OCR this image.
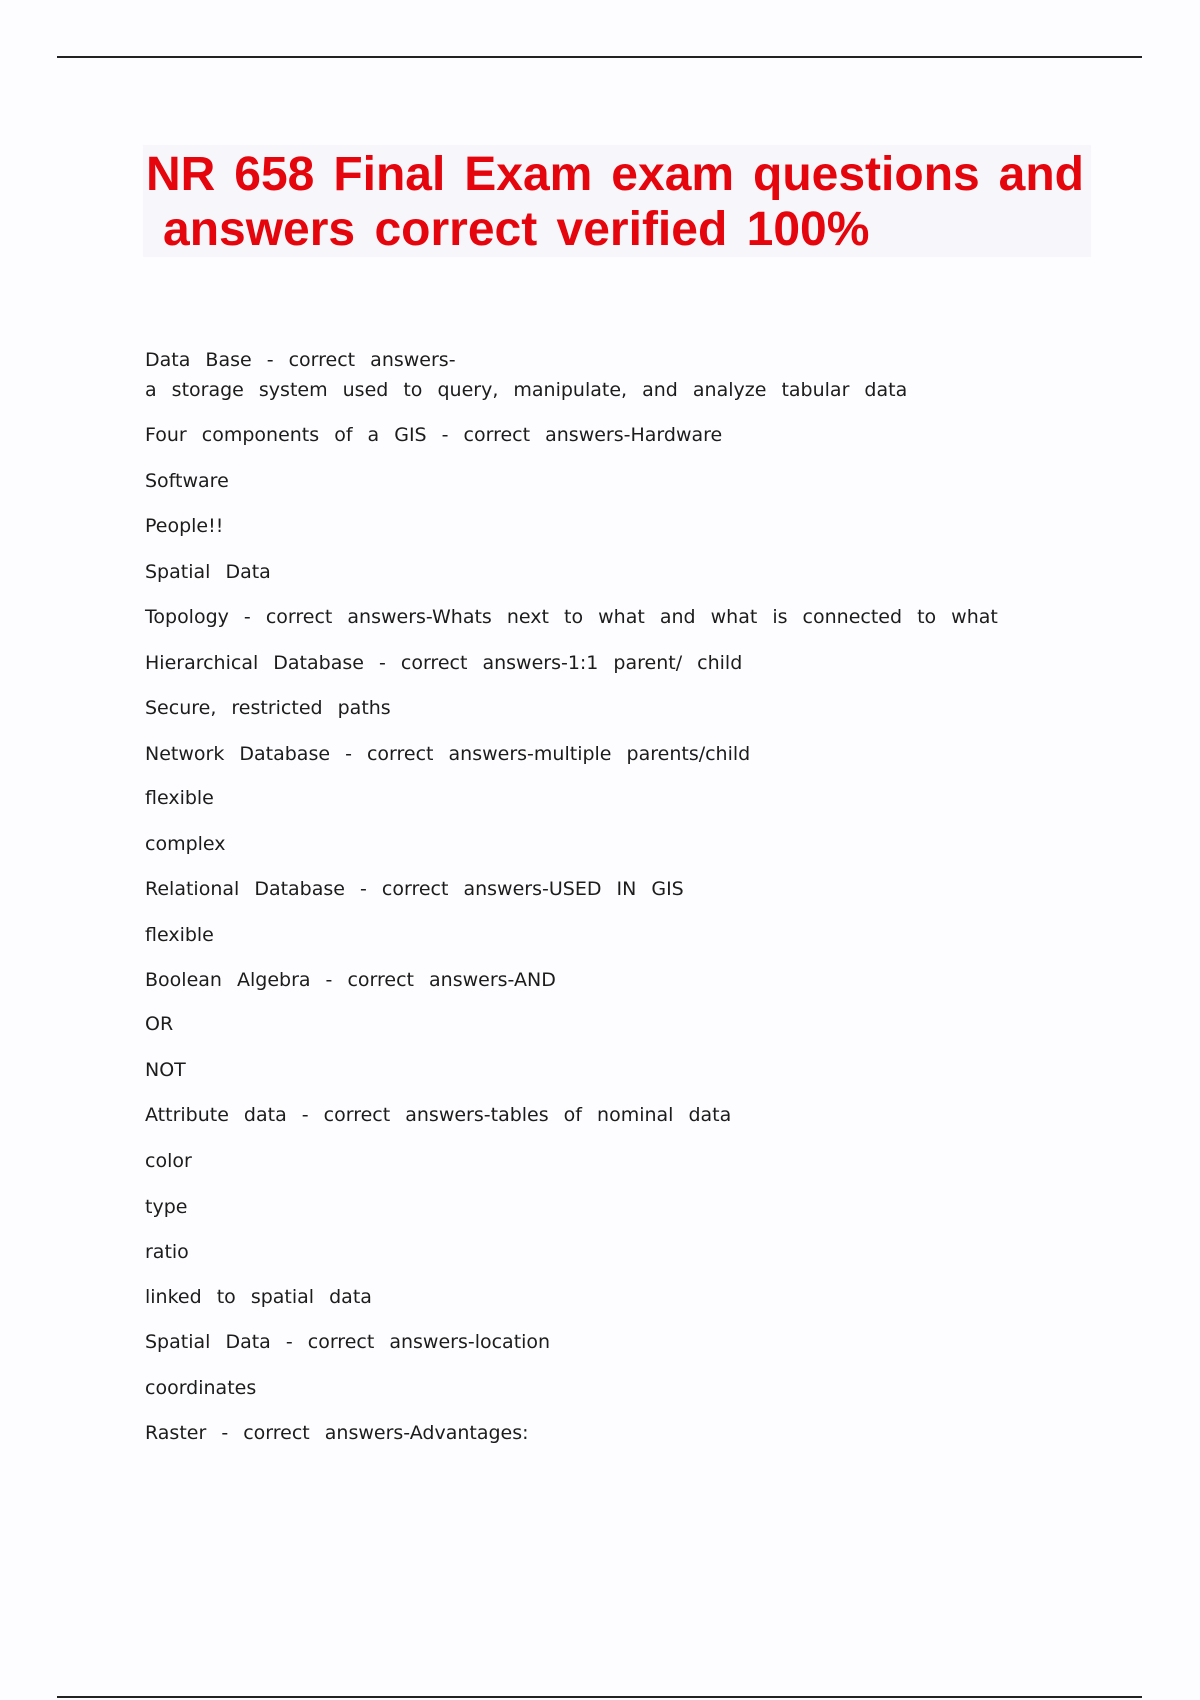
NR 658 Final Exam exam questions and
answers correct verified 100%
Data Base - correct answers-
a storage system used to query, manipulate, and analyze tabular data
Four components of a GIS - correct answers-Hardware
Software
People!!
Spatial Data
Topology - correct answers-Whats next to what and what is connected to what
Hierarchical Database - correct answers-1:1 parent/ child
Secure, restricted paths
Network Database - correct answers-multiple parents/child
flexible
complex
Relational Database - correct answers-USED IN GIS
flexible
Boolean Algebra - correct answers-AND
OR
NOT
Attribute data - correct answers-tables of nominal data
color
type
ratio
linked to spatial data
Spatial Data - correct answers-location
coordinates
Raster - correct answers-Advantages:
